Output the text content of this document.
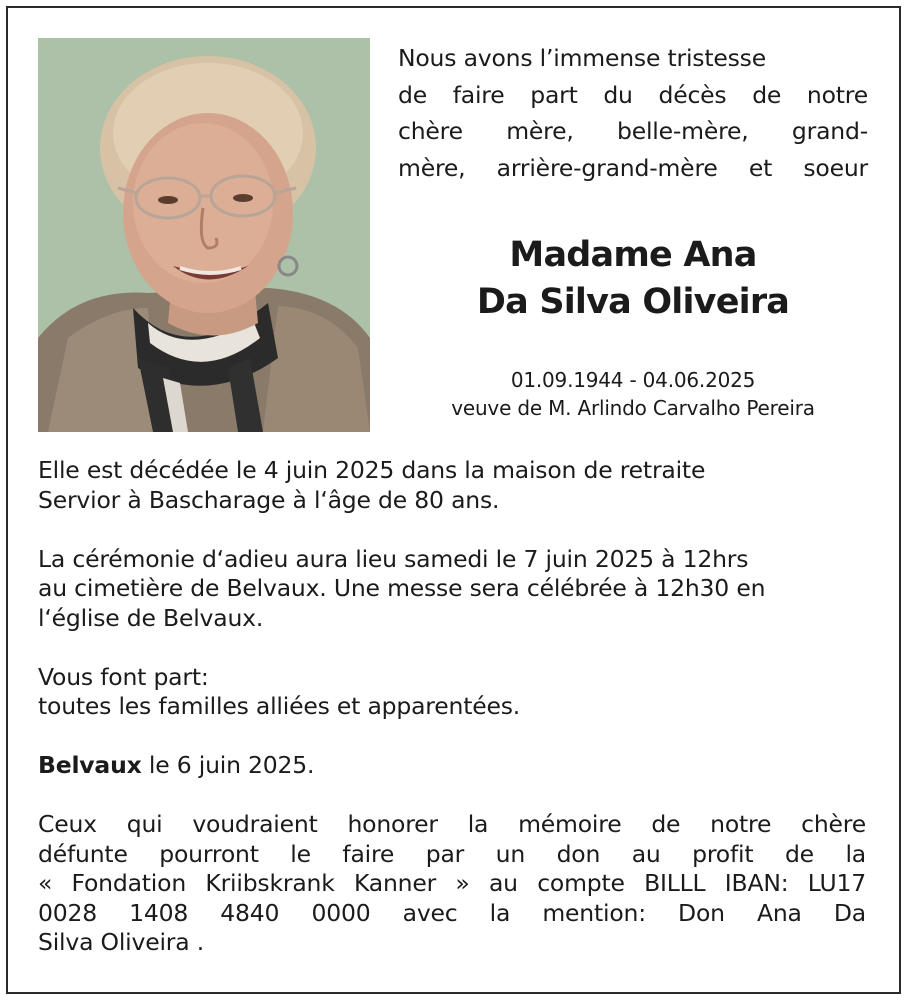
Nous avons l’immense tristesse
de faire part du décès de notre
chère mère, belle-mère, grand-
mère, arrière-grand-mère et soeur
Madame Ana
Da Silva Oliveira
01.09.1944 - 04.06.2025
veuve de M. Arlindo Carvalho Pereira
Elle est décédée le 4 juin 2025 dans la maison de retraite
Servior à Bascharage à l‘âge de 80 ans.
La cérémonie d‘adieu aura lieu samedi le 7 juin 2025 à 12hrs
au cimetière de Belvaux. Une messe sera célébrée à 12h30 en
l‘église de Belvaux.
Vous font part:
toutes les familles alliées et apparentées.
Belvaux le 6 juin 2025.
Ceux qui voudraient honorer la mémoire de notre chère
défunte pourront le faire par un don au profit de la
« Fondation Kriibskrank Kanner » au compte BILLL IBAN: LU17
0028 1408 4840 0000 avec la mention: Don Ana Da
Silva Oliveira .
